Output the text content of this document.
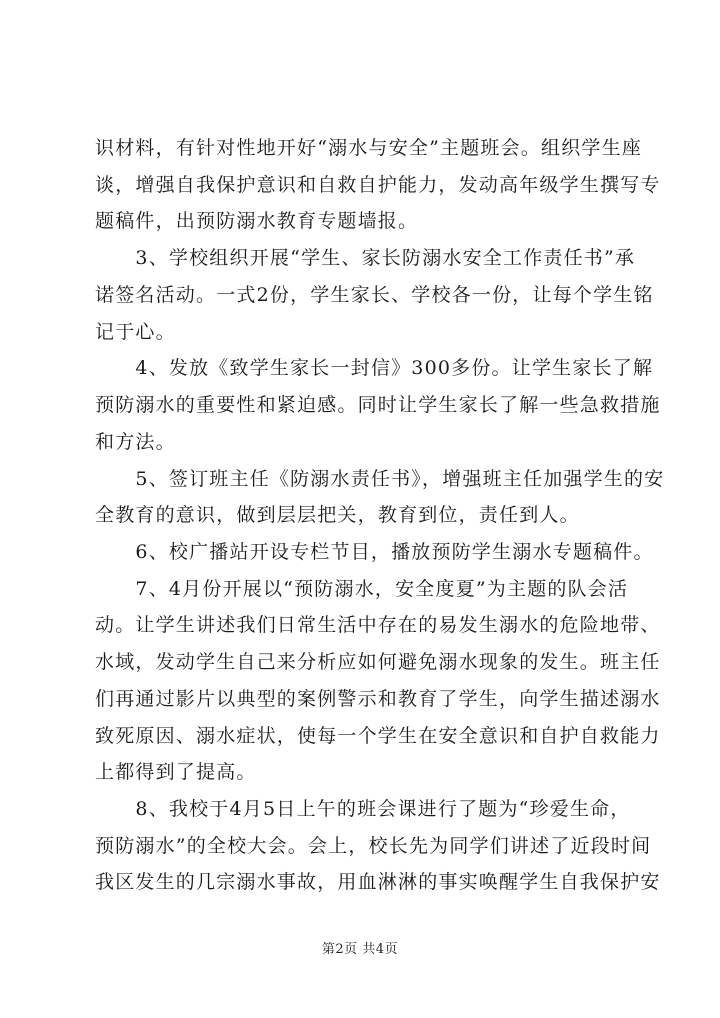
识材料，有针对性地开好“溺水与安全”主题班会。组织学生座

谈，增强自我保护意识和自救自护能力，发动高年级学生撰写专

题稿件，出预防溺水教育专题墙报。

　　3、学校组织开展“学生、家长防溺水安全工作责任书”承

诺签名活动。一式2份，学生家长、学校各一份，让每个学生铭

记于心。

　　4、发放《致学生家长一封信》300多份。让学生家长了解

预防溺水的重要性和紧迫感。同时让学生家长了解一些急救措施

和方法。

　　5、签订班主任《防溺水责任书》，增强班主任加强学生的安

全教育的意识，做到层层把关，教育到位，责任到人。

　　6、校广播站开设专栏节目，播放预防学生溺水专题稿件。

　　7、4月份开展以“预防溺水，安全度夏”为主题的队会活

动。让学生讲述我们日常生活中存在的易发生溺水的危险地带、

水域，发动学生自己来分析应如何避免溺水现象的发生。班主任

们再通过影片以典型的案例警示和教育了学生，向学生描述溺水

致死原因、溺水症状，使每一个学生在安全意识和自护自救能力

上都得到了提高。

　　8、我校于4月5日上午的班会课进行了题为“珍爱生命，

预防溺水”的全校大会。会上，校长先为同学们讲述了近段时间

我区发生的几宗溺水事故，用血淋淋的事实唤醒学生自我保护安

第2页 共4页
